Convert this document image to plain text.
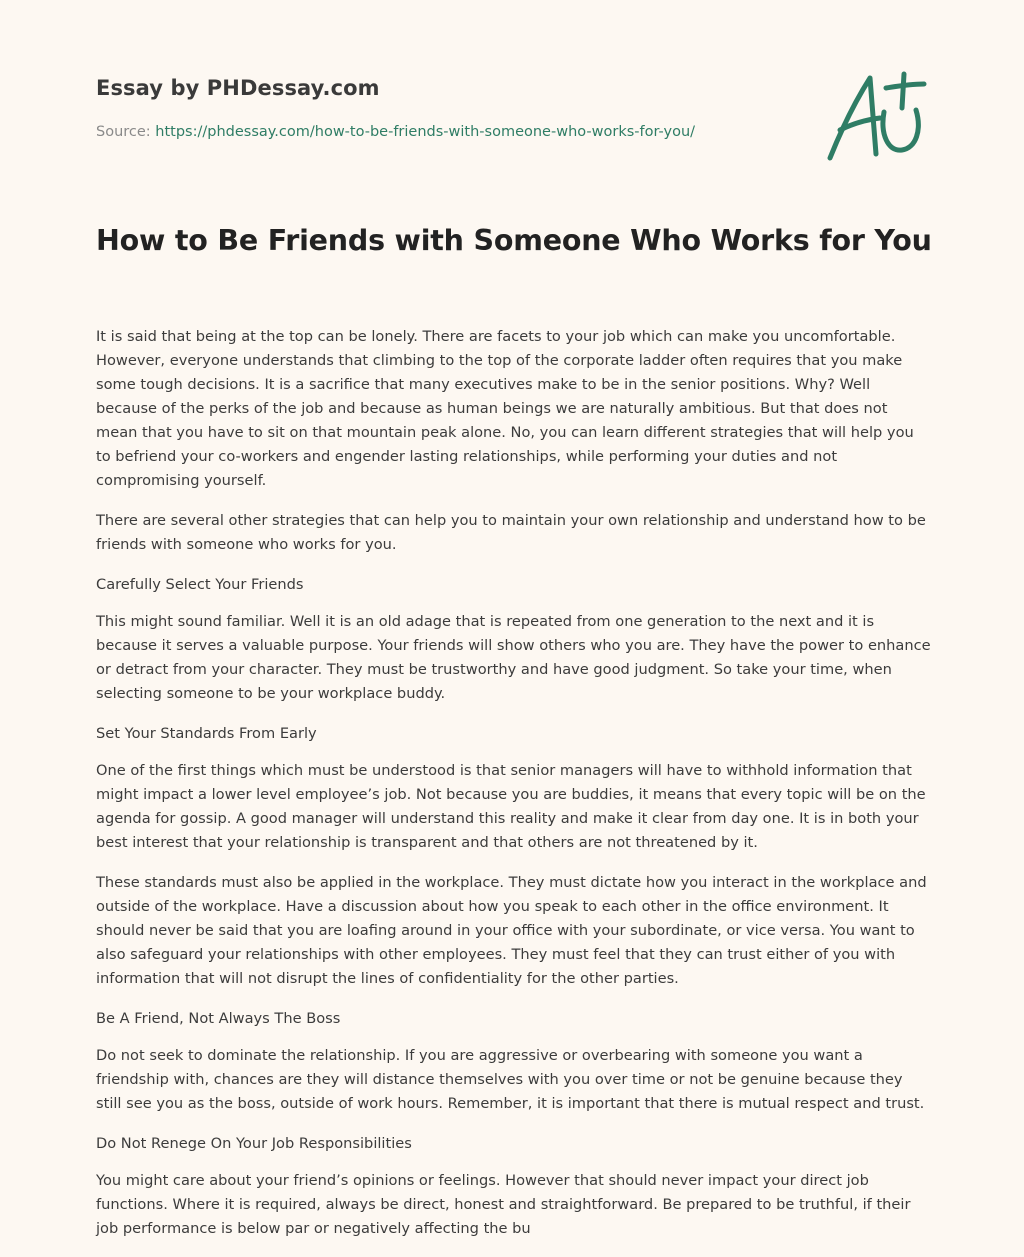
Essay by PHDessay.com
Source: https://phdessay.com/how-to-be-friends-with-someone-who-works-for-you/
How to Be Friends with Someone Who Works for You

It is said that being at the top can be lonely. There are facets to your job which can make you uncomfortable. However, everyone understands that climbing to the top of the corporate ladder often requires that you make some tough decisions. It is a sacrifice that many executives make to be in the senior positions. Why? Well because of the perks of the job and because as human beings we are naturally ambitious. But that does not mean that you have to sit on that mountain peak alone. No, you can learn different strategies that will help you to befriend your co-workers and engender lasting relationships, while performing your duties and not compromising yourself.

There are several other strategies that can help you to maintain your own relationship and understand how to be friends with someone who works for you.

Carefully Select Your Friends

This might sound familiar. Well it is an old adage that is repeated from one generation to the next and it is because it serves a valuable purpose. Your friends will show others who you are. They have the power to enhance or detract from your character. They must be trustworthy and have good judgment. So take your time, when selecting someone to be your workplace buddy.

Set Your Standards From Early

One of the first things which must be understood is that senior managers will have to withhold information that might impact a lower level employee’s job. Not because you are buddies, it means that every topic will be on the agenda for gossip. A good manager will understand this reality and make it clear from day one. It is in both your best interest that your relationship is transparent and that others are not threatened by it.

These standards must also be applied in the workplace. They must dictate how you interact in the workplace and outside of the workplace. Have a discussion about how you speak to each other in the office environment. It should never be said that you are loafing around in your office with your subordinate, or vice versa. You want to also safeguard your relationships with other employees. They must feel that they can trust either of you with information that will not disrupt the lines of confidentiality for the other parties.

Be A Friend, Not Always The Boss

Do not seek to dominate the relationship. If you are aggressive or overbearing with someone you want a friendship with, chances are they will distance themselves with you over time or not be genuine because they still see you as the boss, outside of work hours. Remember, it is important that there is mutual respect and trust.

Do Not Renege On Your Job Responsibilities

You might care about your friend’s opinions or feelings. However that should never impact your direct job functions. Where it is required, always be direct, honest and straightforward. Be prepared to be truthful, if their job performance is below par or negatively affecting the bu
